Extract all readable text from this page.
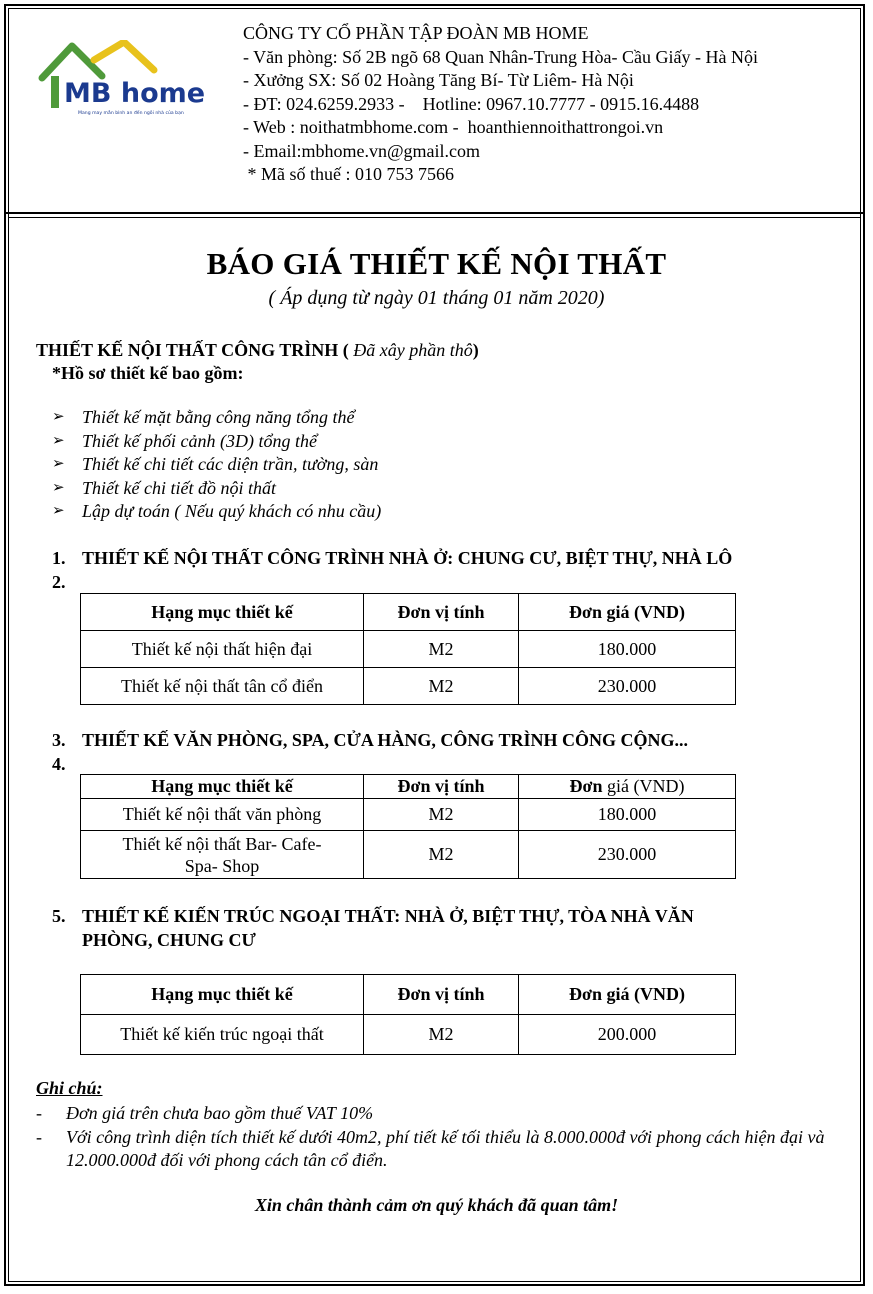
MB home
Mang may mắn bình an đến ngôi nhà của bạn
CÔNG TY CỔ PHẦN TẬP ĐOÀN MB HOME
- Văn phòng: Số 2B ngõ 68 Quan Nhân-Trung Hòa- Cầu Giấy - Hà Nội
- Xưởng SX: Số 02 Hoàng Tăng Bí- Từ Liêm- Hà Nội
- ĐT: 024.6259.2933 -    Hotline: 0967.10.7777 - 0915.16.4488
- Web : noithatmbhome.com -  hoanthiennoithattrongoi.vn
- Email:mbhome.vn@gmail.com
* Mã số thuế : 010 753 7566
BÁO GIÁ THIẾT KẾ NỘI THẤT
( Áp dụng từ ngày 01 tháng 01 năm 2020)
THIẾT KẾ NỘI THẤT CÔNG TRÌNH ( Đã xây phần thô)
*Hồ sơ thiết kế bao gồm:
➢ Thiết kế mặt bằng công năng tổng thể
➢ Thiết kế phối cảnh (3D) tổng thể
➢ Thiết kế chi tiết các diện trần, tường, sàn
➢ Thiết kế chi tiết đồ nội thất
➢ Lập dự toán ( Nếu quý khách có nhu cầu)
1. THIẾT KẾ NỘI THẤT CÔNG TRÌNH NHÀ Ở: CHUNG CƯ, BIỆT THỰ, NHÀ LÔ
2.
Hạng mục thiết kế	Đơn vị tính	Đơn giá (VND)
Thiết kế nội thất hiện đại	M2	180.000
Thiết kế nội thất tân cổ điển	M2	230.000
3. THIẾT KẾ VĂN PHÒNG, SPA, CỬA HÀNG, CÔNG TRÌNH CÔNG CỘNG...
4.
Hạng mục thiết kế	Đơn vị tính	Đơn giá (VND)
Thiết kế nội thất văn phòng	M2	180.000
Thiết kế nội thất Bar- Cafe-
Spa- Shop	M2	230.000
5. THIẾT KẾ KIẾN TRÚC NGOẠI THẤT: NHÀ Ở, BIỆT THỰ, TÒA NHÀ VĂN
PHÒNG, CHUNG CƯ
Hạng mục thiết kế	Đơn vị tính	Đơn giá (VND)
Thiết kế kiến trúc ngoại thất	M2	200.000
Ghi chú:
-	Đơn giá trên chưa bao gồm thuế VAT 10%
-	Với công trình diện tích thiết kế dưới 40m2, phí tiết kế tối thiểu là 8.000.000đ với phong cách hiện đại và 12.000.000đ đối với phong cách tân cổ điển.
Xin chân thành cảm ơn quý khách đã quan tâm!
